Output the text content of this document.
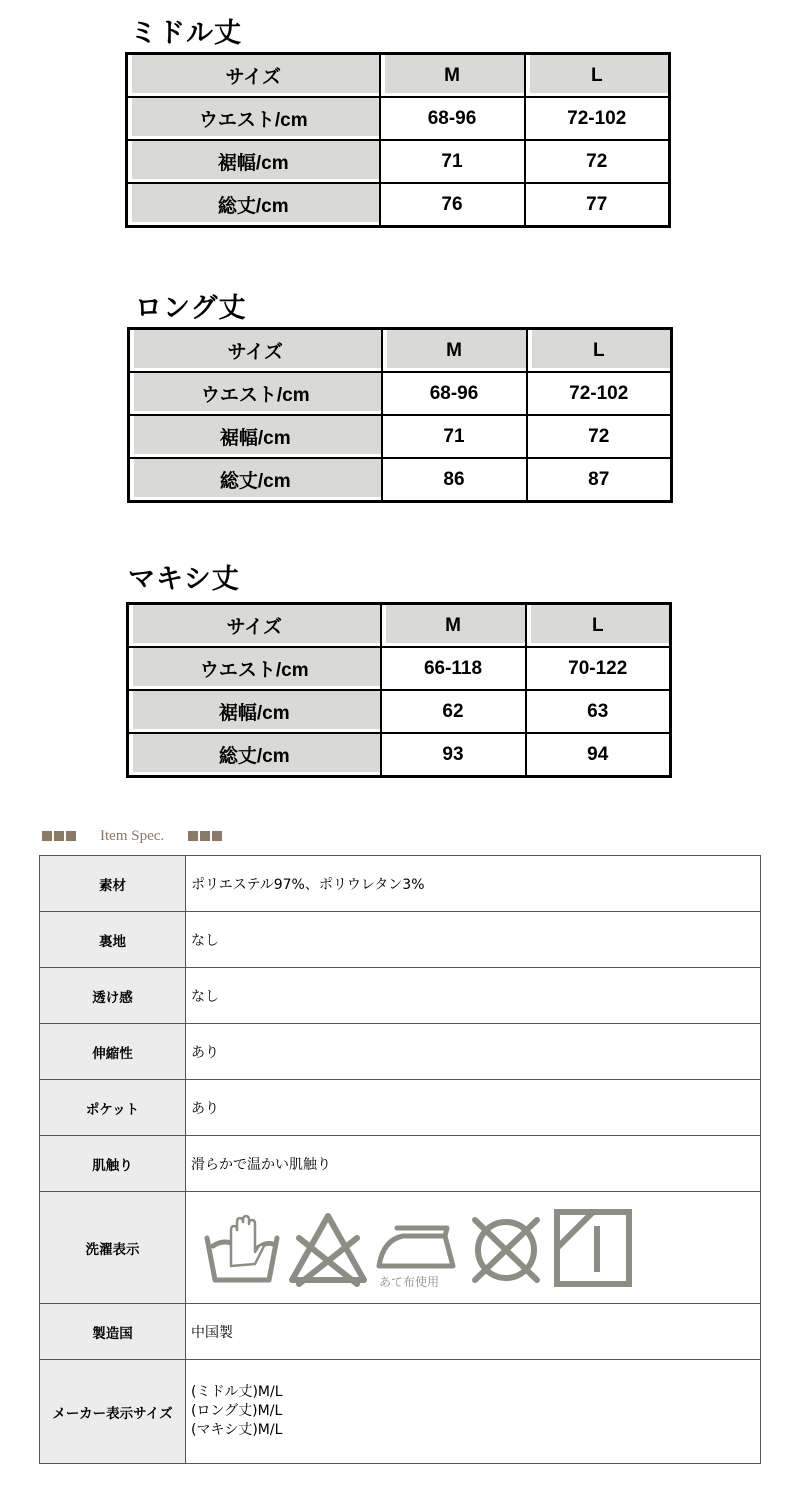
ミドル丈
サイズ	M	L
ウエスト/cm	68-96	72-102
裾幅/cm	71	72
総丈/cm	76	77
ロング丈
サイズ	M	L
ウエスト/cm	68-96	72-102
裾幅/cm	71	72
総丈/cm	86	87
マキシ丈
サイズ	M	L
ウエスト/cm	66-118	70-122
裾幅/cm	62	63
総丈/cm	93	94
Item Spec.
素材	ポリエステル97%、ポリウレタン3%
裏地	なし
透け感	なし
伸縮性	あり
ポケット	あり
肌触り	滑らかで温かい肌触り
洗濯表示	あて布使用

製造国	中国製
メーカー表示サイズ	(ミドル丈)M/L
(ロング丈)M/L
(マキシ丈)M/L
